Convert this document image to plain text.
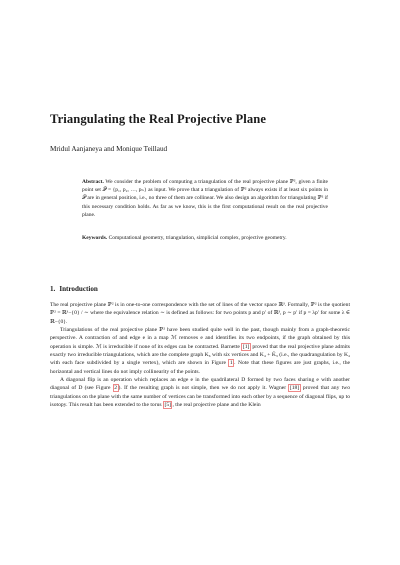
Triangulating the Real Projective Plane
Mridul Aanjaneya and Monique Teillaud
Abstract. We consider the problem of computing a triangulation of the real projective plane ℙ², given a finite point set 𝒫 = {p₁, p₂, …, pₙ} as input. We prove that a triangulation of ℙ² always exists if at least six points in 𝒫 are in general position, i.e., no three of them are collinear. We also design an algorithm for triangulating ℙ² if this necessary condition holds. As far as we know, this is the first computational result on the real projective plane.
Keywords. Computational geometry, triangulation, simplicial complex, projective geometry.
1. Introduction

The real projective plane ℙ² is in one-to-one correspondence with the set of lines of the vector space ℝ³. Formally, ℙ² is the quotient ℙ² = ℝ³−{0} / ∼ where the equivalence relation ∼ is defined as follows: for two points p and p′ of ℝ³, p ∼ p′ if p = λp′ for some λ ∈ ℝ−{0}.

Triangulations of the real projective plane ℙ² have been studied quite well in the past, though mainly from a graph-theoretic perspective. A contraction of and edge e in a map ℳ removes e and identifies its two endpoints, if the graph obtained by this operation is simple. ℳ is irreducible if none of its edges can be contracted. Barnette [1] proved that the real projective plane admits exactly two irreducible triangulations, which are the complete graph K₆ with six vertices and K₄ + K̄₃ (i.e., the quadrangulation by K₄ with each face subdivided by a single vertex), which are shown in Figure 1 . Note that these figures are just graphs, i.e., the horizontal and vertical lines do not imply collinearity of the points.

A diagonal flip is an operation which replaces an edge e in the quadrilateral D formed by two faces sharing e with another diagonal of D (see Figure 2 ). If the resulting graph is not simple, then we do not apply it. Wagner [18] proved that any two triangulations on the plane with the same number of vertices can be transformed into each other by a sequence of diagonal flips, up to isotopy. This result has been extended to the torus [5] , the real projective plane and the Klein
